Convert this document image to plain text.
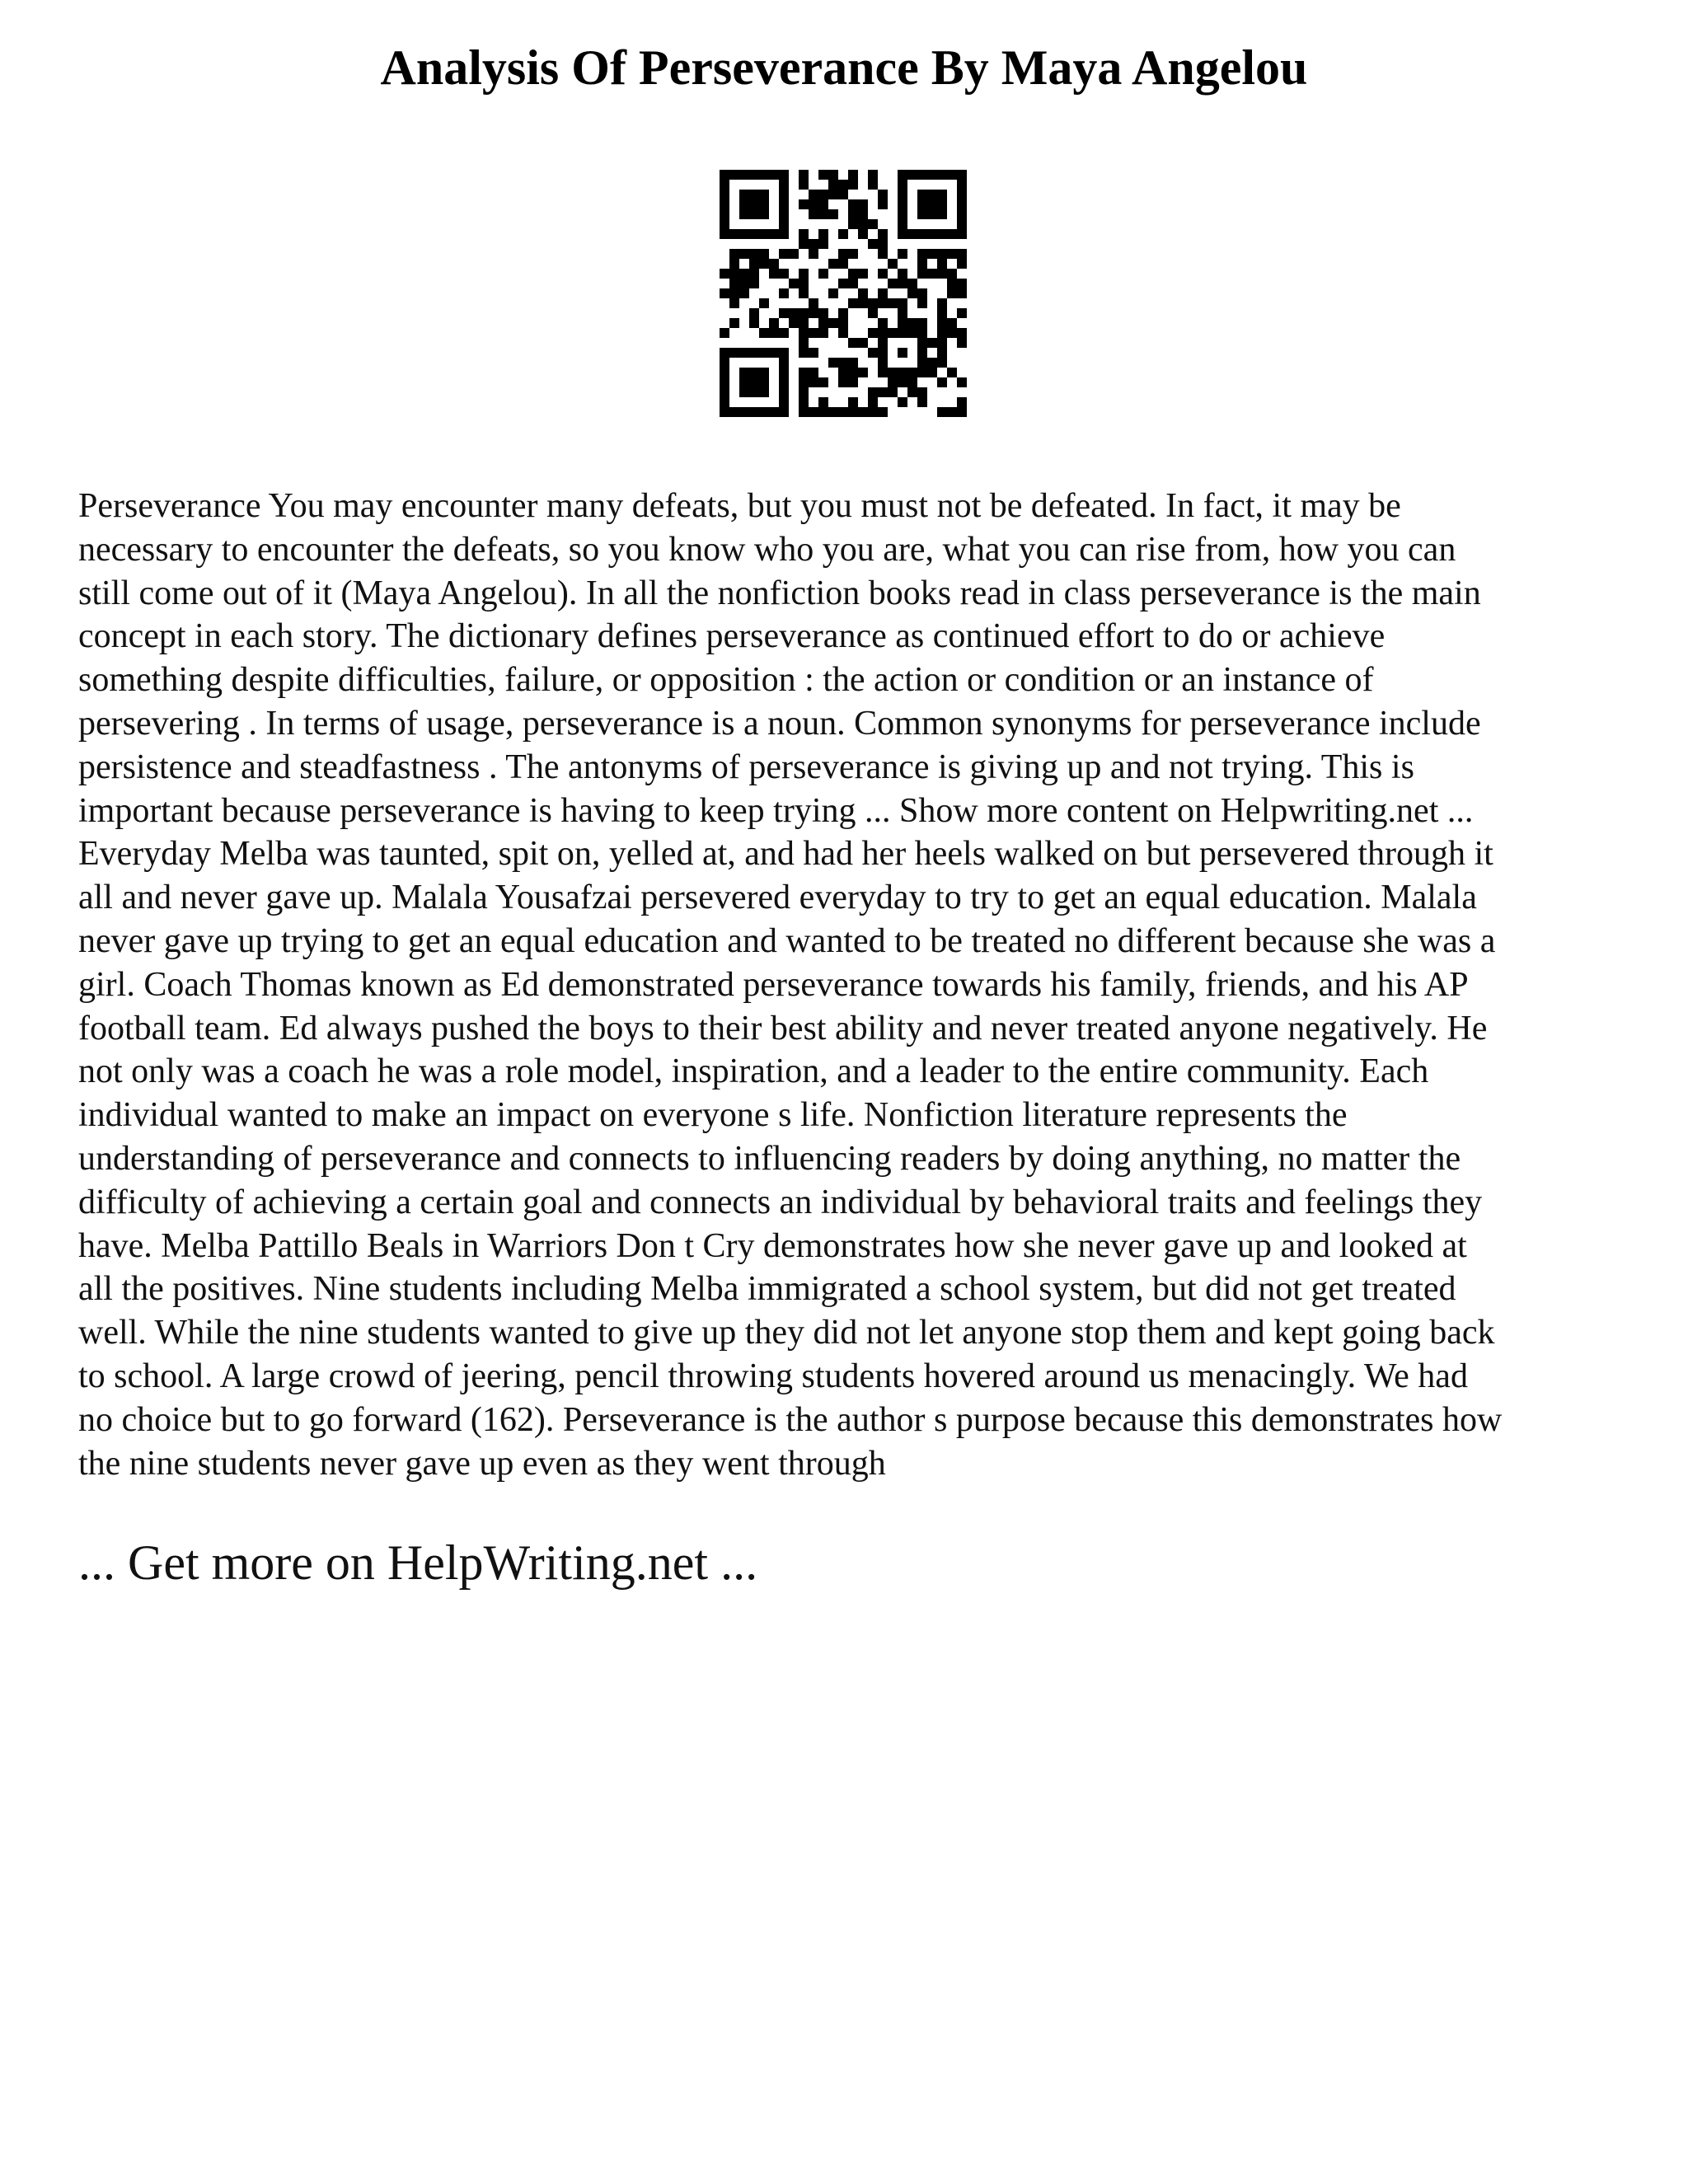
Analysis Of Perseverance By Maya Angelou

Perseverance You may encounter many defeats, but you must not be defeated. In fact, it may be
necessary to encounter the defeats, so you know who you are, what you can rise from, how you can
still come out of it (Maya Angelou). In all the nonfiction books read in class perseverance is the main
concept in each story. The dictionary defines perseverance as continued effort to do or achieve
something despite difficulties, failure, or opposition : the action or condition or an instance of
persevering . In terms of usage, perseverance is a noun. Common synonyms for perseverance include
persistence and steadfastness . The antonyms of perseverance is giving up and not trying. This is
important because perseverance is having to keep trying ... Show more content on Helpwriting.net ...
Everyday Melba was taunted, spit on, yelled at, and had her heels walked on but persevered through it
all and never gave up. Malala Yousafzai persevered everyday to try to get an equal education. Malala
never gave up trying to get an equal education and wanted to be treated no different because she was a
girl. Coach Thomas known as Ed demonstrated perseverance towards his family, friends, and his AP
football team. Ed always pushed the boys to their best ability and never treated anyone negatively. He
not only was a coach he was a role model, inspiration, and a leader to the entire community. Each
individual wanted to make an impact on everyone s life. Nonfiction literature represents the
understanding of perseverance and connects to influencing readers by doing anything, no matter the
difficulty of achieving a certain goal and connects an individual by behavioral traits and feelings they
have. Melba Pattillo Beals in Warriors Don t Cry demonstrates how she never gave up and looked at
all the positives. Nine students including Melba immigrated a school system, but did not get treated
well. While the nine students wanted to give up they did not let anyone stop them and kept going back
to school. A large crowd of jeering, pencil throwing students hovered around us menacingly. We had
no choice but to go forward (162). Perseverance is the author s purpose because this demonstrates how
the nine students never gave up even as they went through

... Get more on HelpWriting.net ...
